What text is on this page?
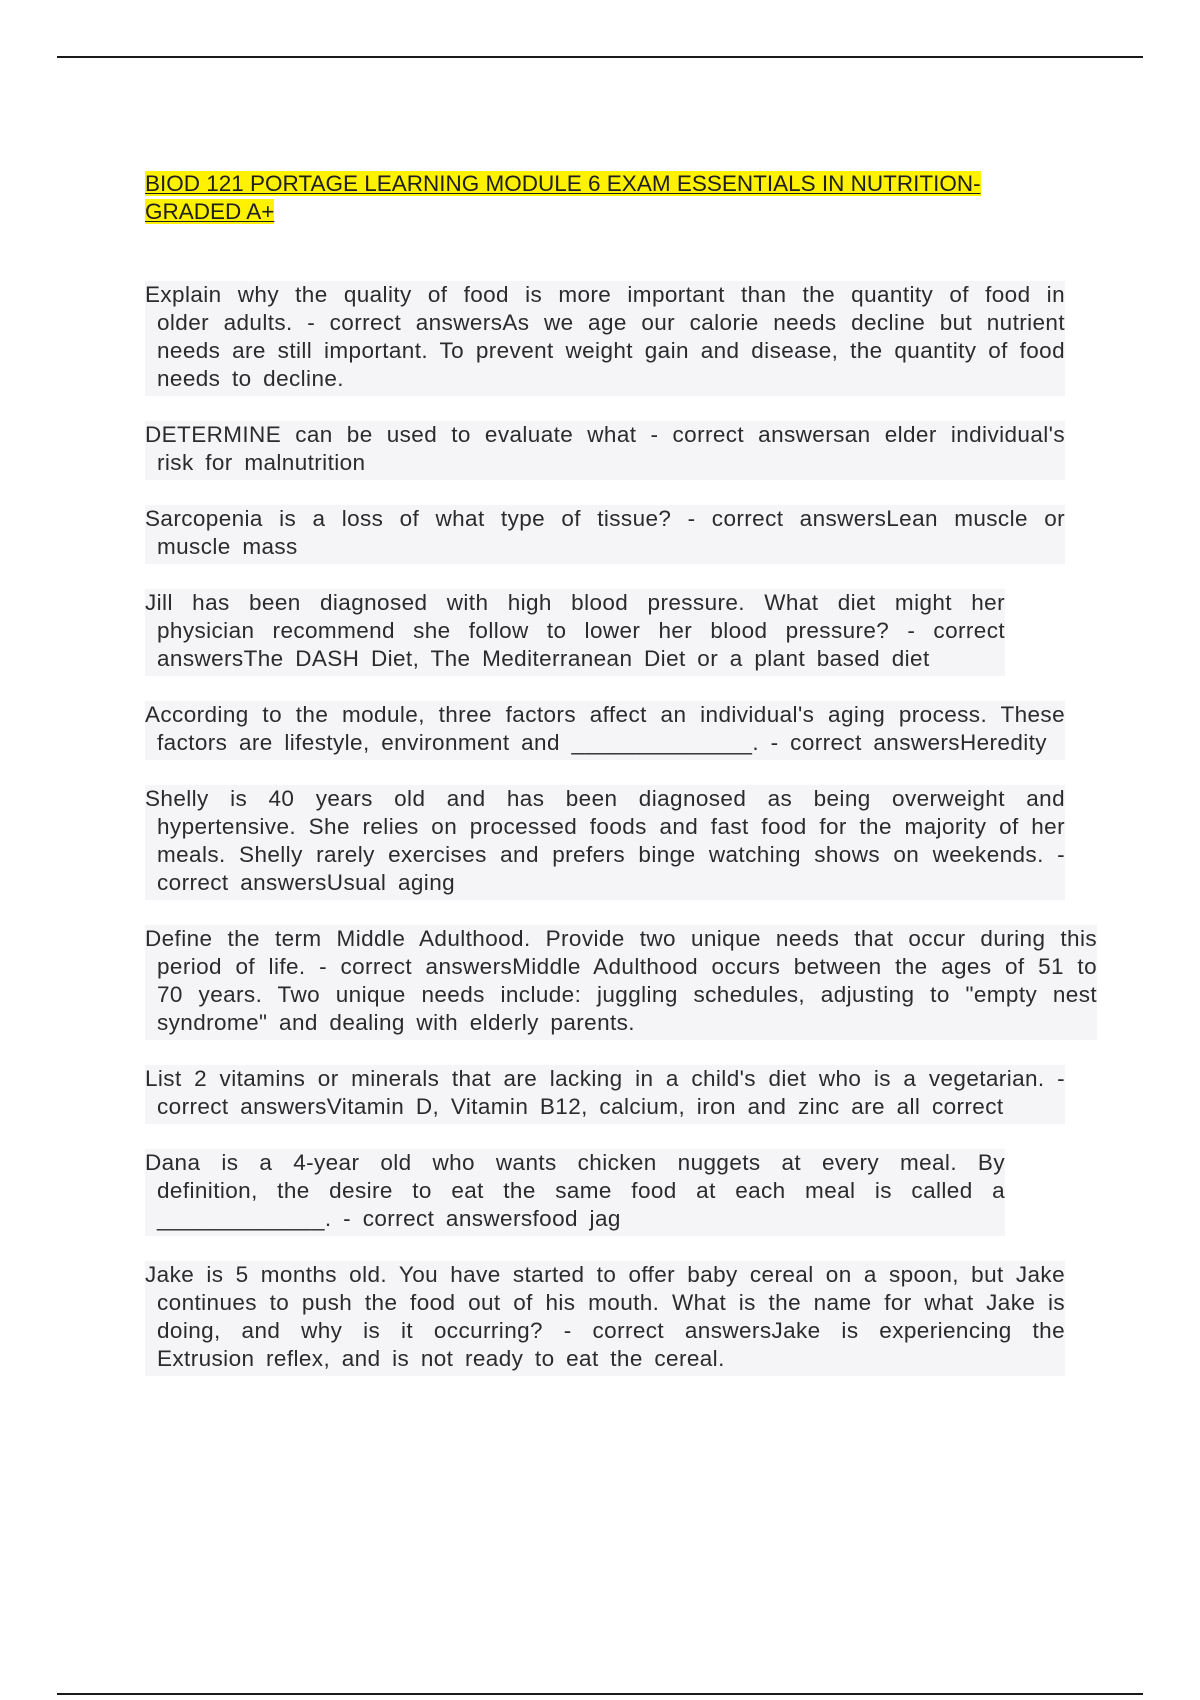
BIOD 121 PORTAGE LEARNING MODULE 6 EXAM ESSENTIALS IN NUTRITION- GRADED A+
Explain why the quality of food is more important than the quantity of food in older adults. - correct answersAs we age our calorie needs decline but nutrient needs are still important. To prevent weight gain and disease, the quantity of food needs to decline.
DETERMINE can be used to evaluate what - correct answersan elder individual's risk for malnutrition
Sarcopenia is a loss of what type of tissue? - correct answersLean muscle or muscle mass
Jill has been diagnosed with high blood pressure. What diet might her physician recommend she follow to lower her blood pressure? - correct answersThe DASH Diet, The Mediterranean Diet or a plant based diet
According to the module, three factors affect an individual's aging process. These factors are lifestyle, environment and ______________. - correct answersHeredity
Shelly is 40 years old and has been diagnosed as being overweight and hypertensive. She relies on processed foods and fast food for the majority of her meals. Shelly rarely exercises and prefers binge watching shows on weekends. - correct answersUsual aging
Define the term Middle Adulthood. Provide two unique needs that occur during this period of life. - correct answersMiddle Adulthood occurs between the ages of 51 to 70 years. Two unique needs include: juggling schedules, adjusting to "empty nest syndrome" and dealing with elderly parents.
List 2 vitamins or minerals that are lacking in a child's diet who is a vegetarian. - correct answersVitamin D, Vitamin B12, calcium, iron and zinc are all correct
Dana is a 4-year old who wants chicken nuggets at every meal. By definition, the desire to eat the same food at each meal is called a _____________. - correct answersfood jag
Jake is 5 months old. You have started to offer baby cereal on a spoon, but Jake continues to push the food out of his mouth. What is the name for what Jake is doing, and why is it occurring? - correct answersJake is experiencing the Extrusion reflex, and is not ready to eat the cereal.
